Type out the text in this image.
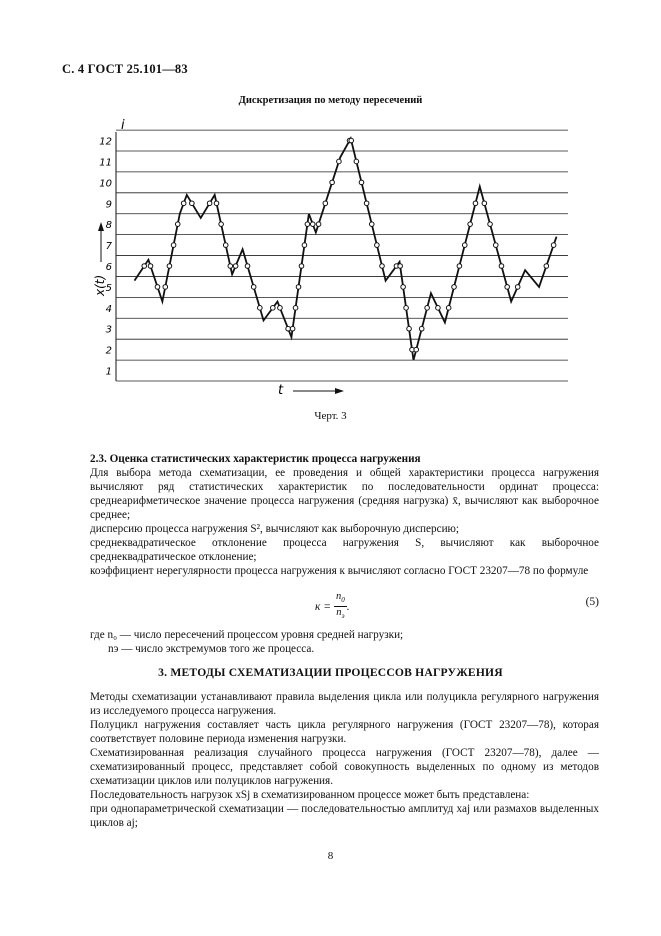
С. 4 ГОСТ 25.101—83
Дискретизация по методу пересечений
1
2
3
4
5
6
7
8
9
10
11
12
i
x(t)
t
Черт. 3

2.3. Оценка статистических характеристик процесса нагружения

Для выбора метода схематизации, ее проведения и общей характеристики процесса нагружения вычисляют ряд статистических характеристик по последовательности ординат процесса: среднеарифметическое значение процесса нагружения (средняя нагрузка) x̄, вычисляют как выборочное среднее;

дисперсию процесса нагружения S², вычисляют как выборочную дисперсию;

среднеквадратическое отклонение процесса нагружения S, вычисляют как выборочное среднеквадратическое отклонение;

коэффициент нерегулярности процесса нагружения к вычисляют согласно ГОСТ 23207—78 по формуле

$к = \frac{n_0}{n_э}$ .	(5)

где n₀ — число пересечений процессом уровня средней нагрузки;

nэ — число экстремумов того же процесса.

3. МЕТОДЫ СХЕМАТИЗАЦИИ ПРОЦЕССОВ НАГРУЖЕНИЯ

Методы схематизации устанавливают правила выделения цикла или полуцикла регулярного нагружения из исследуемого процесса нагружения.

Полуцикл нагружения составляет часть цикла регулярного нагружения (ГОСТ 23207—78), которая соответствует половине периода изменения нагрузки.

Схематизированная реализация случайного процесса нагружения (ГОСТ 23207—78), далее — схематизированный процесс, представляет собой совокупность выделенных по одному из методов схематизации циклов или полуциклов нагружения.

Последовательность нагрузок xSj в схематизированном процессе может быть представлена:

при однопараметрической схематизации — последовательностью амплитуд xaj или размахов выделенных циклов aj;

8
